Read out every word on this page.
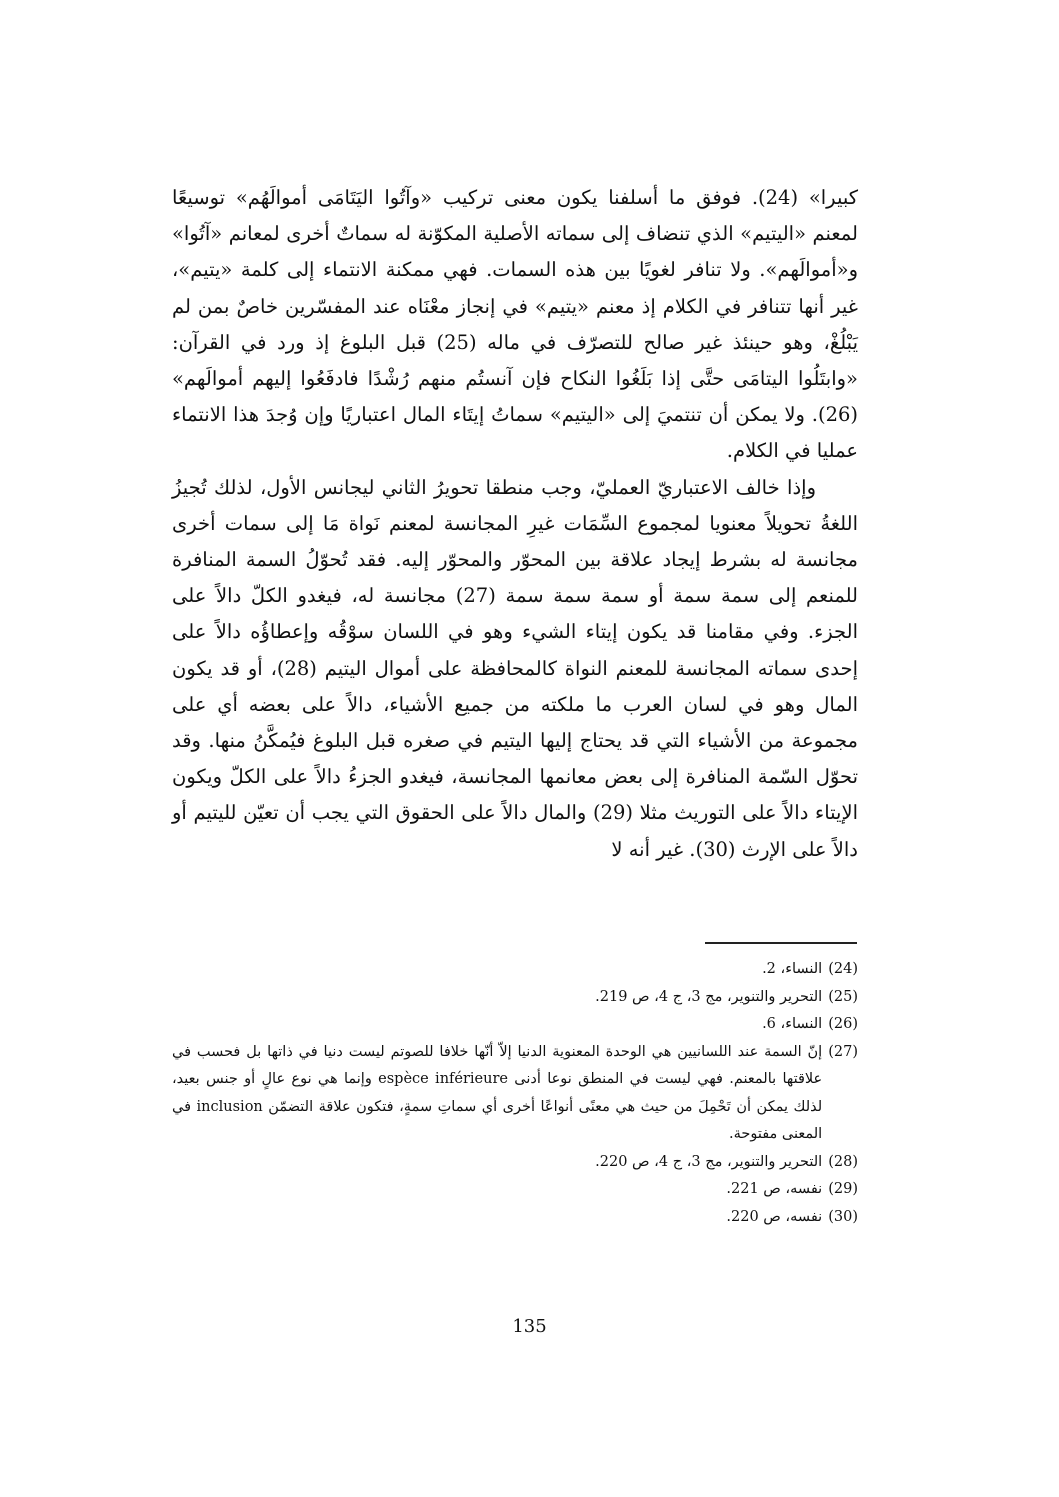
كبيرا» (24). فوفق ما أسلفنا يكون معنى تركيب «وآتُوا اليَتَامَى أموالَهُم» توسيعًا لمعنم «اليتيم» الذي تنضاف إلى سماته الأصلية المكوّنة له سماتٌ أخرى لمعانم «آتُوا» و«أموالَهم». ولا تنافر لغويًا بين هذه السمات. فهي ممكنة الانتماء إلى كلمة «يتيم»، غير أنها تتنافر في الكلام إذ معنم «يتيم» في إنجاز معْنَاه عند المفسّرين خاصٌ بمن لم يَبْلُغْ، وهو حينئذ غير صالح للتصرّف في ماله (25) قبل البلوغ إذ ورد في القرآن: «وابتَلُوا اليتامَى حتَّى إذا بَلَغُوا النكاح فإن آنستُم منهم رُشْدًا فادفَعُوا إليهم أموالَهم» (26). ولا يمكن أن تنتميَ إلى «اليتيم» سماتُ إيتَاء المال اعتباريًا وإن وُجدَ هذا الانتماء عمليا في الكلام.

وإذا خالف الاعتباريّ العمليّ، وجب منطقا تحويرُ الثاني ليجانس الأول، لذلك تُجيزُ اللغةُ تحويلاً معنويا لمجموع السِّمَات غيرِ المجانسة لمعنم نَواة مَا إلى سمات أخرى مجانسة له بشرط إيجاد علاقة بين المحوّر والمحوّر إليه. فقد تُحوّلُ السمة المنافرة للمنعم إلى سمة سمة أو سمة سمة سمة (27) مجانسة له، فيغدو الكلّ دالاً على الجزء. وفي مقامنا قد يكون إيتاء الشيء وهو في اللسان سوْقُه وإعطاؤُه دالاً على إحدى سماته المجانسة للمعنم النواة كالمحافظة على أموال اليتيم (28)، أو قد يكون المال وهو في لسان العرب ما ملكته من جميع الأشياء، دالاً على بعضه أي على مجموعة من الأشياء التي قد يحتاج إليها اليتيم في صغره قبل البلوغ فيُمكَّنُ منها. وقد تحوّل السّمة المنافرة إلى بعض معانمها المجانسة، فيغدو الجزءُ دالاً على الكلّ ويكون الإيتاء دالاً على التوريث مثلا (29) والمال دالاً على الحقوق التي يجب أن تعيّن لليتيم أو دالاً على الإرث (30). غير أنه لا

(24)
النساء، 2.
(25)
التحرير والتنوير، مج 3، ج 4، ص 219.
(26)
النساء، 6.
(27)
إنّ السمة عند اللسانيين هي الوحدة المعنوية الدنيا إلاّ أنّها خلافا للصوتم ليست دنيا في ذاتها بل فحسب في علاقتها بالمعنم. فهي ليست في المنطق نوعا أدنى espèce inférieure وإنما هي نوع عالٍ أو جنس بعيد، لذلك يمكن أن تَحْمِلَ من حيث هي معنًى أنواعًا أخرى أي سماتِ سمةٍ، فتكون علاقة التضمّن inclusion في المعنى مفتوحة.
(28)
التحرير والتنوير، مج 3، ج 4، ص 220.
(29)
نفسه، ص 221.
(30)
نفسه، ص 220.
135
